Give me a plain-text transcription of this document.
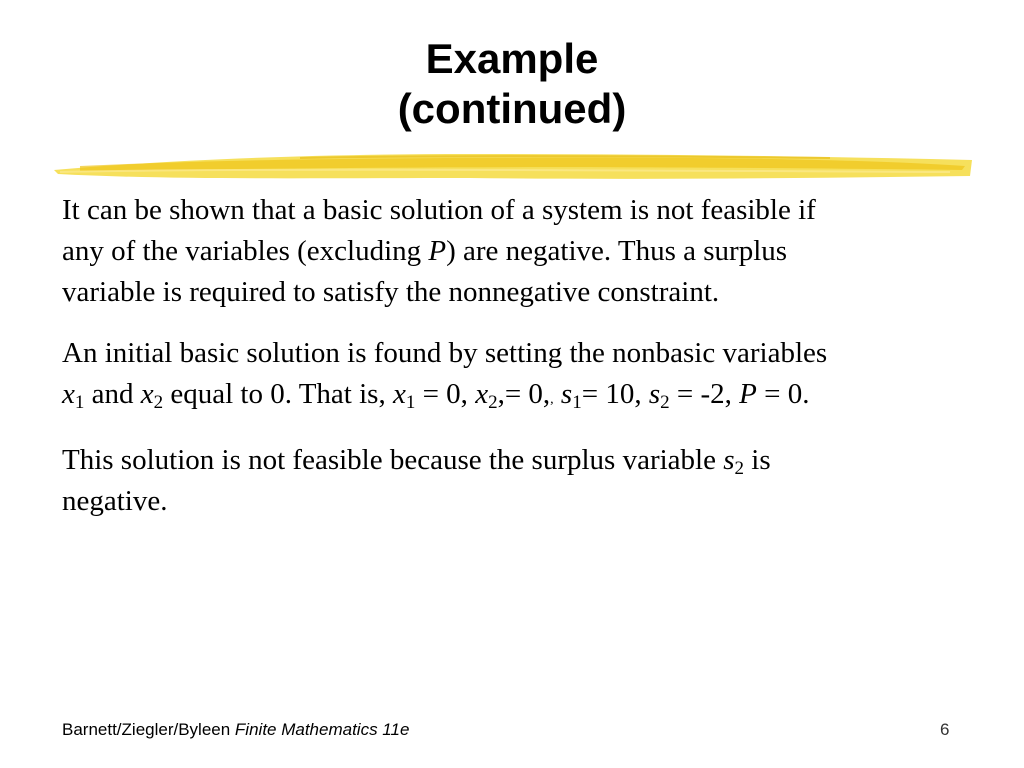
Example
(continued)

It can be shown that a basic solution of a system is not feasible if
any of the variables (excluding P) are negative. Thus a surplus
variable is required to satisfy the nonnegative constraint.

An initial basic solution is found by setting the nonbasic variables
$x_1$ and $x_2$ equal to 0. That is, $x_1 = 0$, $x_2,= 0$,, $s_1= 10$, $s_2 = -2$, P = 0.

This solution is not feasible because the surplus variable $s_2$ is
negative.

Barnett/Ziegler/Byleen Finite Mathematics 11e	6
